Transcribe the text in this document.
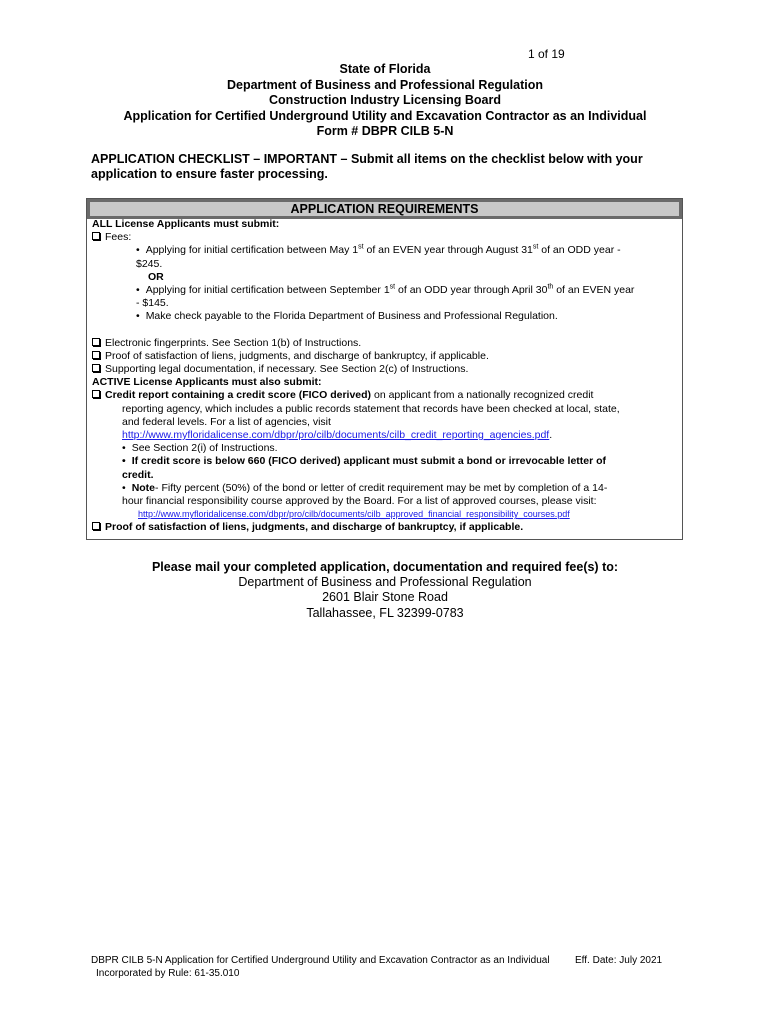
1 of 19
State of Florida
Department of Business and Professional Regulation
Construction Industry Licensing Board
Application for Certified Underground Utility and Excavation Contractor as an Individual
Form # DBPR CILB 5-N
APPLICATION CHECKLIST – IMPORTANT – Submit all items on the checklist below with your application to ensure faster processing.
APPLICATION REQUIREMENTS
ALL License Applicants must submit:
Fees:
• Applying for initial certification between May 1st of an EVEN year through August 31st of an ODD year -
$245.
OR
• Applying for initial certification between September 1st of an ODD year through April 30th of an EVEN year
- $145.
• Make check payable to the Florida Department of Business and Professional Regulation.
Electronic fingerprints. See Section 1(b) of Instructions.
Proof of satisfaction of liens, judgments, and discharge of bankruptcy, if applicable.
Supporting legal documentation, if necessary. See Section 2(c) of Instructions.
ACTIVE License Applicants must also submit:
Credit report containing a credit score (FICO derived) on applicant from a nationally recognized credit
reporting agency, which includes a public records statement that records have been checked at local, state,
and federal levels. For a list of agencies, visit
http://www.myfloridalicense.com/dbpr/pro/cilb/documents/cilb_credit_reporting_agencies.pdf.
• See Section 2(i) of Instructions.
• If credit score is below 660 (FICO derived) applicant must submit a bond or irrevocable letter of
credit.
• Note- Fifty percent (50%) of the bond or letter of credit requirement may be met by completion of a 14-
hour financial responsibility course approved by the Board. For a list of approved courses, please visit:
http://www.myfloridalicense.com/dbpr/pro/cilb/documents/cilb_approved_financial_responsibility_courses.pdf
Proof of satisfaction of liens, judgments, and discharge of bankruptcy, if applicable.
Please mail your completed application, documentation and required fee(s) to:
Department of Business and Professional Regulation
2601 Blair Stone Road
Tallahassee, FL 32399-0783
DBPR CILB 5-N Application for Certified Underground Utility and Excavation Contractor as an Individual
Incorporated by Rule: 61-35.010
Eff. Date: July 2021
